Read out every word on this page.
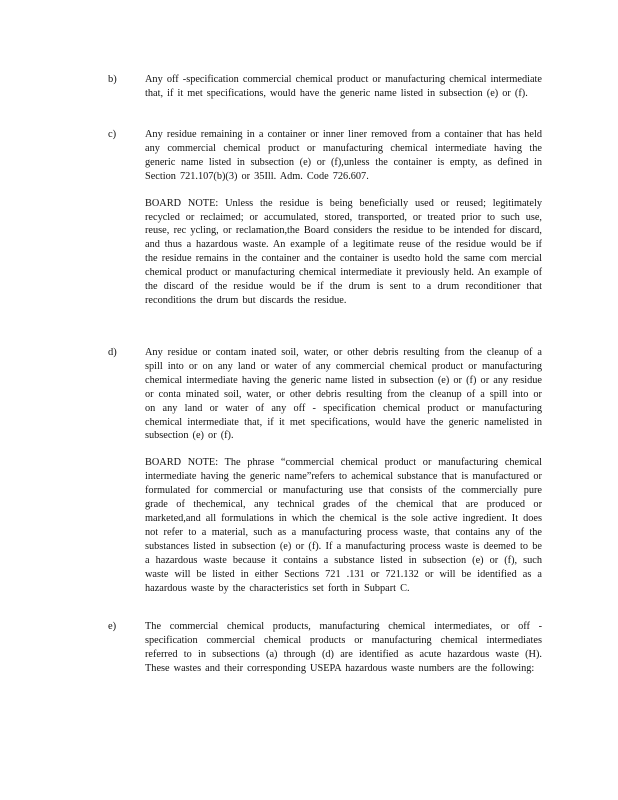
b)	Any off -specification commercial chemical product or manufacturing chemical intermediate that, if it met specifications, would have the generic name listed in subsection (e) or (f).

c)	Any residue remaining in a container or inner liner removed from a container that has held any commercial chemical product or manufacturing chemical intermediate having the generic name listed in subsection (e) or (f),unless the container is empty, as defined in Section 721.107(b)(3) or 35Ill. Adm. Code 726.607.

BOARD NOTE: Unless the residue is being beneficially used or reused; legitimately recycled or reclaimed; or accumulated, stored, transported, or treated prior to such use, reuse, rec ycling, or reclamation,the Board considers the residue to be intended for discard, and thus a hazardous waste. An example of a legitimate reuse of the residue would be if the residue remains in the container and the container is usedto hold the same com mercial chemical product or manufacturing chemical intermediate it previously held. An example of the discard of the residue would be if the drum is sent to a drum reconditioner that reconditions the drum but discards the residue.

d)	Any residue or contam inated soil, water, or other debris resulting from the cleanup of a spill into or on any land or water of any commercial chemical product or manufacturing chemical intermediate having the generic name listed in subsection (e) or (f) or any residue or conta minated soil, water, or other debris resulting from the cleanup of a spill into or on any land or water of any off - specification chemical product or manufacturing chemical intermediate that, if it met specifications, would have the generic namelisted in subsection (e) or (f).

BOARD NOTE: The phrase “commercial chemical product or manufacturing chemical intermediate having the generic name”refers to achemical substance that is manufactured or formulated for commercial or manufacturing use that consists of the commercially pure grade of thechemical, any technical grades of the chemical that are produced or marketed,and all formulations in which the chemical is the sole active ingredient. It does not refer to a material, such as a manufacturing process waste, that contains any of the substances listed in subsection (e) or (f). If a manufacturing process waste is deemed to be a hazardous waste because it contains a substance listed in subsection (e) or (f), such waste will be listed in either Sections 721 .131 or 721.132 or will be identified as a hazardous waste by the characteristics set forth in Subpart C.

e)	The commercial chemical products, manufacturing chemical intermediates, or off - specification commercial chemical products or manufacturing chemical intermediates referred to in subsections (a) through (d) are identified as acute hazardous waste (H). These wastes and their corresponding USEPA hazardous waste numbers are the following:
